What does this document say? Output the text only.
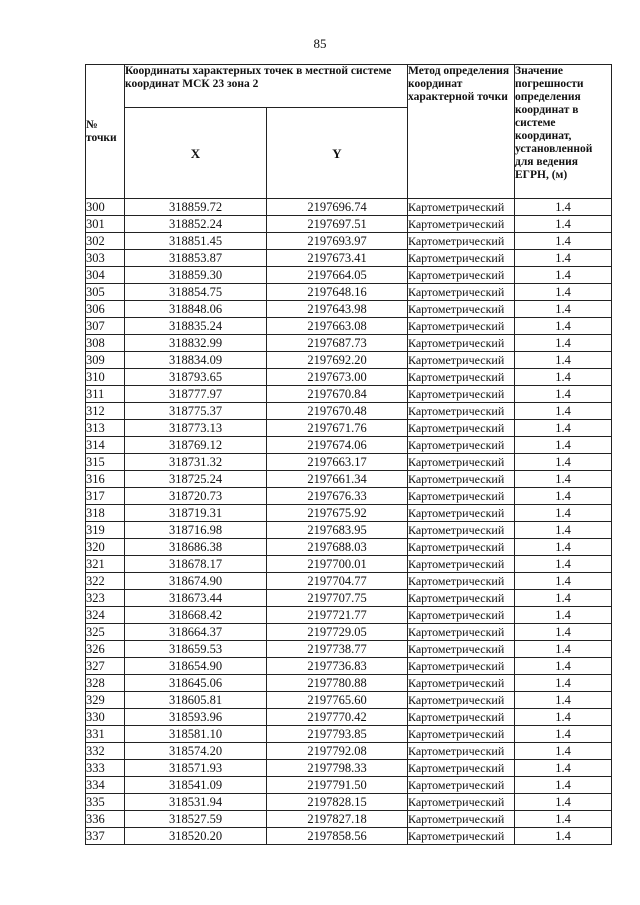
85
№ точки	Координаты характерных точек в местной системе координат МСК 23 зона 2		Метод определения координат характерной точки	Значение погрешности определения координат в системе координат, установленной для ведения ЕГРН, (м)
	X	Y		
300	318859.72	2197696.74	Картометрический	1.4
301	318852.24	2197697.51	Картометрический	1.4
302	318851.45	2197693.97	Картометрический	1.4
303	318853.87	2197673.41	Картометрический	1.4
304	318859.30	2197664.05	Картометрический	1.4
305	318854.75	2197648.16	Картометрический	1.4
306	318848.06	2197643.98	Картометрический	1.4
307	318835.24	2197663.08	Картометрический	1.4
308	318832.99	2197687.73	Картометрический	1.4
309	318834.09	2197692.20	Картометрический	1.4
310	318793.65	2197673.00	Картометрический	1.4
311	318777.97	2197670.84	Картометрический	1.4
312	318775.37	2197670.48	Картометрический	1.4
313	318773.13	2197671.76	Картометрический	1.4
314	318769.12	2197674.06	Картометрический	1.4
315	318731.32	2197663.17	Картометрический	1.4
316	318725.24	2197661.34	Картометрический	1.4
317	318720.73	2197676.33	Картометрический	1.4
318	318719.31	2197675.92	Картометрический	1.4
319	318716.98	2197683.95	Картометрический	1.4
320	318686.38	2197688.03	Картометрический	1.4
321	318678.17	2197700.01	Картометрический	1.4
322	318674.90	2197704.77	Картометрический	1.4
323	318673.44	2197707.75	Картометрический	1.4
324	318668.42	2197721.77	Картометрический	1.4
325	318664.37	2197729.05	Картометрический	1.4
326	318659.53	2197738.77	Картометрический	1.4
327	318654.90	2197736.83	Картометрический	1.4
328	318645.06	2197780.88	Картометрический	1.4
329	318605.81	2197765.60	Картометрический	1.4
330	318593.96	2197770.42	Картометрический	1.4
331	318581.10	2197793.85	Картометрический	1.4
332	318574.20	2197792.08	Картометрический	1.4
333	318571.93	2197798.33	Картометрический	1.4
334	318541.09	2197791.50	Картометрический	1.4
335	318531.94	2197828.15	Картометрический	1.4
336	318527.59	2197827.18	Картометрический	1.4
337	318520.20	2197858.56	Картометрический	1.4
